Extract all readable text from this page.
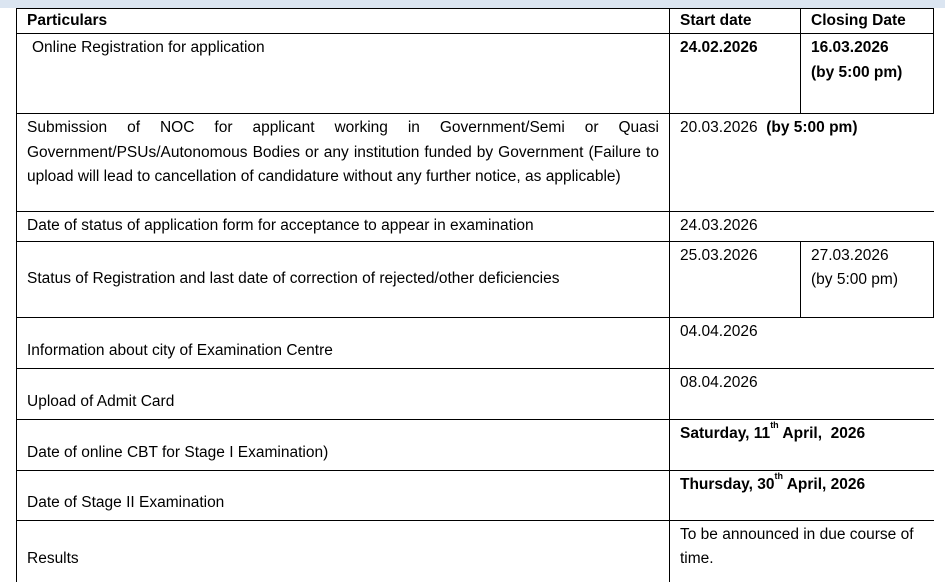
Particulars	Start date	Closing Date
Online Registration for application	24.02.2026	16.03.2026
(by 5:00 pm)

Submission of NOC for applicant working in Government/Semi or Quasi Government/PSUs/Autonomous Bodies or any institution funded by Government (Failure to upload will lead to cancellation of candidature without any further notice, as applicable)	20.03.2026 (by 5:00 pm)	
Date of status of application form for acceptance to appear in examination	24.03.2026	
Status of Registration and last date of correction of rejected/other deficiencies	25.03.2026	27.03.2026
(by 5:00 pm)

Information about city of Examination Centre	04.04.2026	
Upload of Admit Card	08.04.2026	
Date of online CBT for Stage I Examination)	Saturday, 11th April,  2026	
Date of Stage II Examination	Thursday, 30th April, 2026	
Results	To be announced in due course of time.	
